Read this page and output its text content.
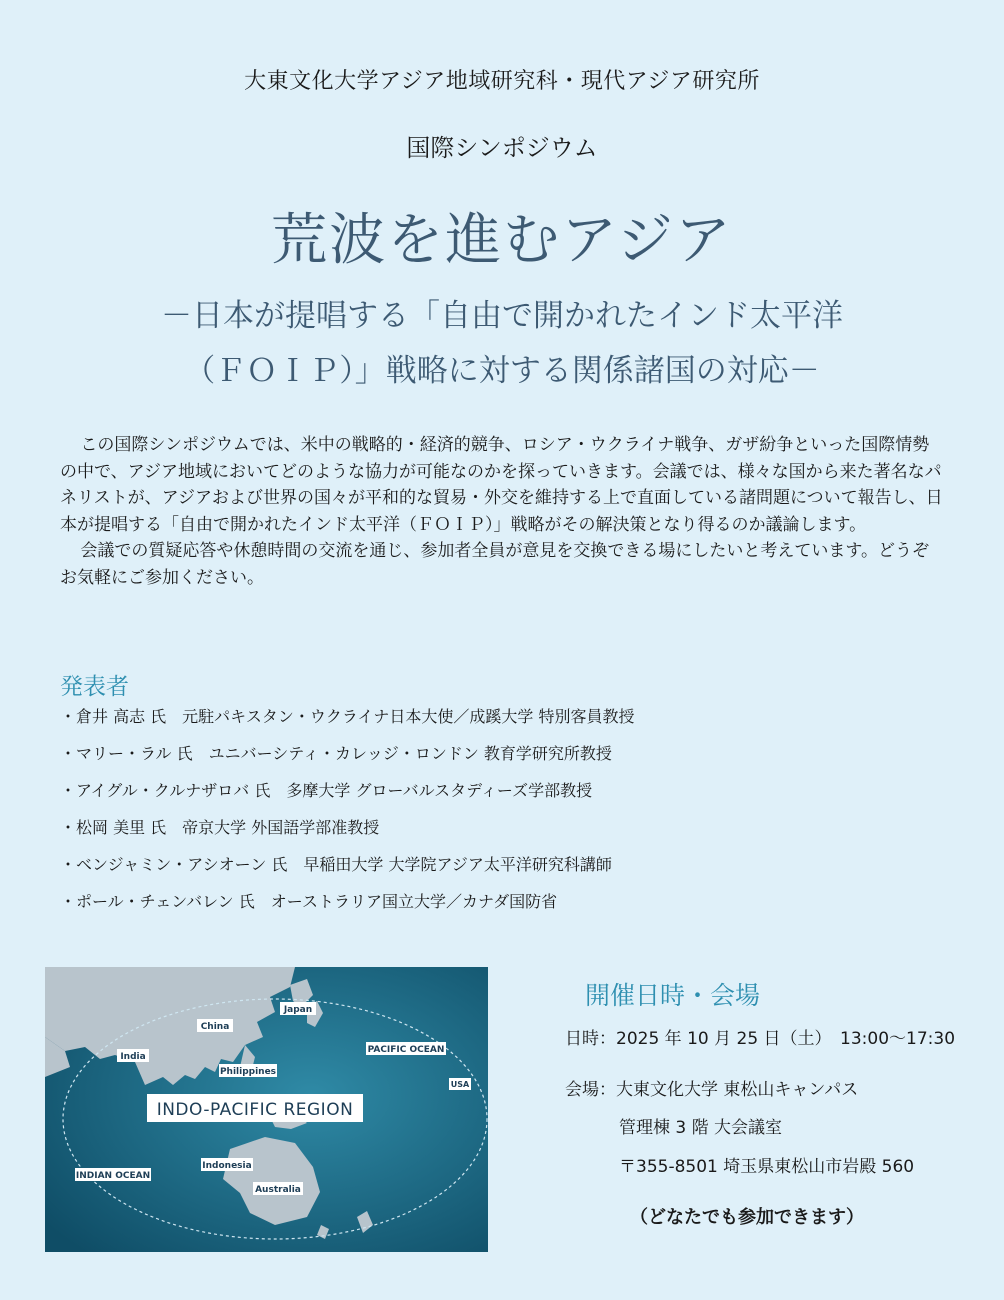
大東文化大学アジア地域研究科・現代アジア研究所
国際シンポジウム
荒波を進むアジア
－日本が提唱する「自由で開かれたインド太平洋
（ＦＯＩＰ）」戦略に対する関係諸国の対応－

この国際シンポジウムでは、米中の戦略的・経済的競争、ロシア・ウクライナ戦争、ガザ紛争といった国際情勢の中で、アジア地域においてどのような協力が可能なのかを探っていきます。会議では、様々な国から来た著名なパネリストが、アジアおよび世界の国々が平和的な貿易・外交を維持する上で直面している諸問題について報告し、日本が提唱する「自由で開かれたインド太平洋（ＦＯＩＰ）」戦略がその解決策となり得るのか議論します。

会議での質疑応答や休憩時間の交流を通じ、参加者全員が意見を交換できる場にしたいと考えています。どうぞお気軽にご参加ください。

発表者
・倉井 高志 氏　元駐パキスタン・ウクライナ日本大使／成蹊大学 特別客員教授
・マリー・ラル 氏　ユニバーシティ・カレッジ・ロンドン 教育学研究所教授
・アイグル・クルナザロバ 氏　多摩大学 グローバルスタディーズ学部教授
・松岡 美里 氏　帝京大学 外国語学部准教授
・ベンジャミン・アシオーン 氏　早稲田大学 大学院アジア太平洋研究科講師
・ポール・チェンバレン 氏　オーストラリア国立大学／カナダ国防省
Japan
China
India
Philippines
PACIFIC OCEAN
USA
INDO-PACIFIC REGION
Indonesia
INDIAN OCEAN
Australia
開催日時・会場
日時：2025 年 10 月 25 日（土）　13:00～17:30
会場：大東文化大学 東松山キャンパス
管理棟 3 階 大会議室
〒355-8501 埼玉県東松山市岩殿 560
（どなたでも参加できます）
